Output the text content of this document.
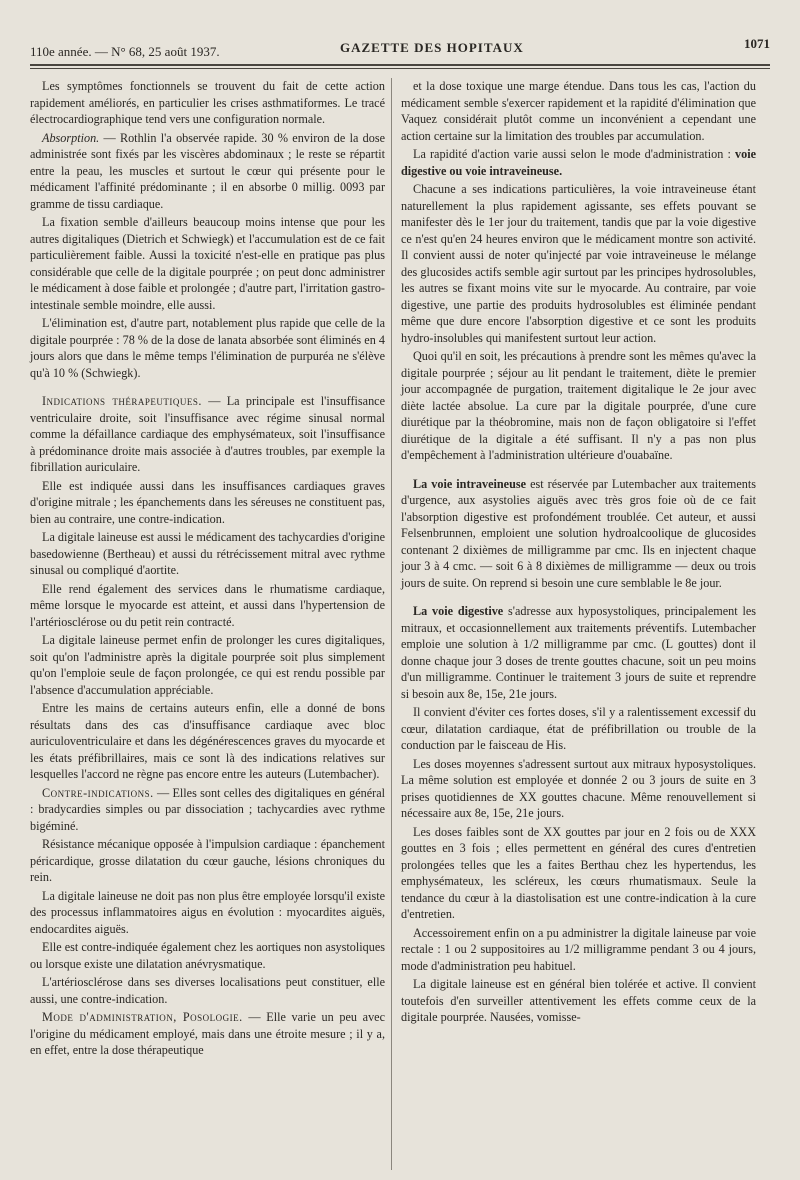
110e année. — N° 68, 25 août 1937.	GAZETTE DES HOPITAUX	1071

Les symptômes fonctionnels se trouvent du fait de cette action rapidement améliorés, en particulier les crises asthmatiformes. Le tracé électrocardiographique tend vers une configuration normale.

Absorption. — Rothlin l'a observée rapide. 30 % environ de la dose administrée sont fixés par les viscères abdominaux ; le reste se répartit entre la peau, les muscles et surtout le cœur qui présente pour le médicament l'affinité prédominante ; il en absorbe 0 millig. 0093 par gramme de tissu cardiaque.

La fixation semble d'ailleurs beaucoup moins intense que pour les autres digitaliques (Dietrich et Schwiegk) et l'accumulation est de ce fait particulièrement faible. Aussi la toxicité n'est-elle en pratique pas plus considérable que celle de la digitale pourprée ; on peut donc administrer le médicament à dose faible et prolongée ; d'autre part, l'irritation gastro-intestinale semble moindre, elle aussi.

L'élimination est, d'autre part, notablement plus rapide que celle de la digitale pourprée : 78 % de la dose de lanata absorbée sont éliminés en 4 jours alors que dans le même temps l'élimination de purpuréa ne s'élève qu'à 10 % (Schwiegk).

Indications thérapeutiques. — La principale est l'insuffisance ventriculaire droite, soit l'insuffisance avec régime sinusal normal comme la défaillance cardiaque des emphysémateux, soit l'insuffisance à prédominance droite mais associée à d'autres troubles, par exemple la fibrillation auriculaire.

Elle est indiquée aussi dans les insuffisances cardiaques graves d'origine mitrale ; les épanchements dans les séreuses ne constituent pas, bien au contraire, une contre-indication.

La digitale laineuse est aussi le médicament des tachycardies d'origine basedowienne (Bertheau) et aussi du rétrécissement mitral avec rythme sinusal ou compliqué d'aortite.

Elle rend également des services dans le rhumatisme cardiaque, même lorsque le myocarde est atteint, et aussi dans l'hypertension de l'artériosclérose ou du petit rein contracté.

La digitale laineuse permet enfin de prolonger les cures digitaliques, soit qu'on l'administre après la digitale pourprée soit plus simplement qu'on l'emploie seule de façon prolongée, ce qui est rendu possible par l'absence d'accumulation appréciable.

Entre les mains de certains auteurs enfin, elle a donné de bons résultats dans des cas d'insuffisance cardiaque avec bloc auriculoventriculaire et dans les dégénérescences graves du myocarde et les états préfibrillaires, mais ce sont là des indications relatives sur lesquelles l'accord ne règne pas encore entre les auteurs (Lutembacher).

Contre-indications. — Elles sont celles des digitaliques en général : bradycardies simples ou par dissociation ; tachycardies avec rythme bigéminé.

Résistance mécanique opposée à l'impulsion cardiaque : épanchement péricardique, grosse dilatation du cœur gauche, lésions chroniques du rein.

La digitale laineuse ne doit pas non plus être employée lorsqu'il existe des processus inflammatoires aigus en évolution : myocardites aiguës, endocardites aiguës.

Elle est contre-indiquée également chez les aortiques non asystoliques ou lorsque existe une dilatation anévrysmatique.

L'artériosclérose dans ses diverses localisations peut constituer, elle aussi, une contre-indication.

Mode d'administration, Posologie. — Elle varie un peu avec l'origine du médicament employé, mais dans une étroite mesure ; il y a, en effet, entre la dose thérapeutique

et la dose toxique une marge étendue. Dans tous les cas, l'action du médicament semble s'exercer rapidement et la rapidité d'élimination que Vaquez considérait plutôt comme un inconvénient a cependant une action certaine sur la limitation des troubles par accumulation.

La rapidité d'action varie aussi selon le mode d'administration : voie digestive ou voie intraveineuse.

Chacune a ses indications particulières, la voie intraveineuse étant naturellement la plus rapidement agissante, ses effets pouvant se manifester dès le 1er jour du traitement, tandis que par la voie digestive ce n'est qu'en 24 heures environ que le médicament montre son activité. Il convient aussi de noter qu'injecté par voie intraveineuse le mélange des glucosides actifs semble agir surtout par les principes hydrosolubles, les autres se fixant moins vite sur le myocarde. Au contraire, par voie digestive, une partie des produits hydrosolubles est éliminée pendant même que dure encore l'absorption digestive et ce sont les produits hydro-insolubles qui manifestent surtout leur action.

Quoi qu'il en soit, les précautions à prendre sont les mêmes qu'avec la digitale pourprée ; séjour au lit pendant le traitement, diète le premier jour accompagnée de purgation, traitement digitalique le 2e jour avec diète lactée absolue. La cure par la digitale pourprée, d'une cure diurétique par la théobromine, mais non de façon obligatoire si l'effet diurétique de la digitale a été suffisant. Il n'y a pas non plus d'empêchement à l'administration ultérieure d'ouabaïne.

La voie intraveineuse est réservée par Lutembacher aux traitements d'urgence, aux asystolies aiguës avec très gros foie où de ce fait l'absorption digestive est profondément troublée. Cet auteur, et aussi Felsenbrunnen, emploient une solution hydroalcoolique de glucosides contenant 2 dixièmes de milligramme par cmc. Ils en injectent chaque jour 3 à 4 cmc. — soit 6 à 8 dixièmes de milligramme — deux ou trois jours de suite. On reprend si besoin une cure semblable le 8e jour.

La voie digestive s'adresse aux hyposystoliques, principalement les mitraux, et occasionnellement aux traitements préventifs. Lutembacher emploie une solution à 1/2 milligramme par cmc. (L gouttes) dont il donne chaque jour 3 doses de trente gouttes chacune, soit un peu moins d'un milligramme. Continuer le traitement 3 jours de suite et reprendre si besoin aux 8e, 15e, 21e jours.

Il convient d'éviter ces fortes doses, s'il y a ralentissement excessif du cœur, dilatation cardiaque, état de préfibrillation ou trouble de la conduction par le faisceau de His.

Les doses moyennes s'adressent surtout aux mitraux hyposystoliques. La même solution est employée et donnée 2 ou 3 jours de suite en 3 prises quotidiennes de XX gouttes chacune. Même renouvellement si nécessaire aux 8e, 15e, 21e jours.

Les doses faibles sont de XX gouttes par jour en 2 fois ou de XXX gouttes en 3 fois ; elles permettent en général des cures d'entretien prolongées telles que les a faites Berthau chez les hypertendus, les emphysémateux, les scléreux, les cœurs rhumatismaux. Seule la tendance du cœur à la diastolisation est une contre-indication à la cure d'entretien.

Accessoirement enfin on a pu administrer la digitale laineuse par voie rectale : 1 ou 2 suppositoires au 1/2 milligramme pendant 3 ou 4 jours, mode d'administration peu habituel.

La digitale laineuse est en général bien tolérée et active. Il convient toutefois d'en surveiller attentivement les effets comme ceux de la digitale pourprée. Nausées, vomisse-
